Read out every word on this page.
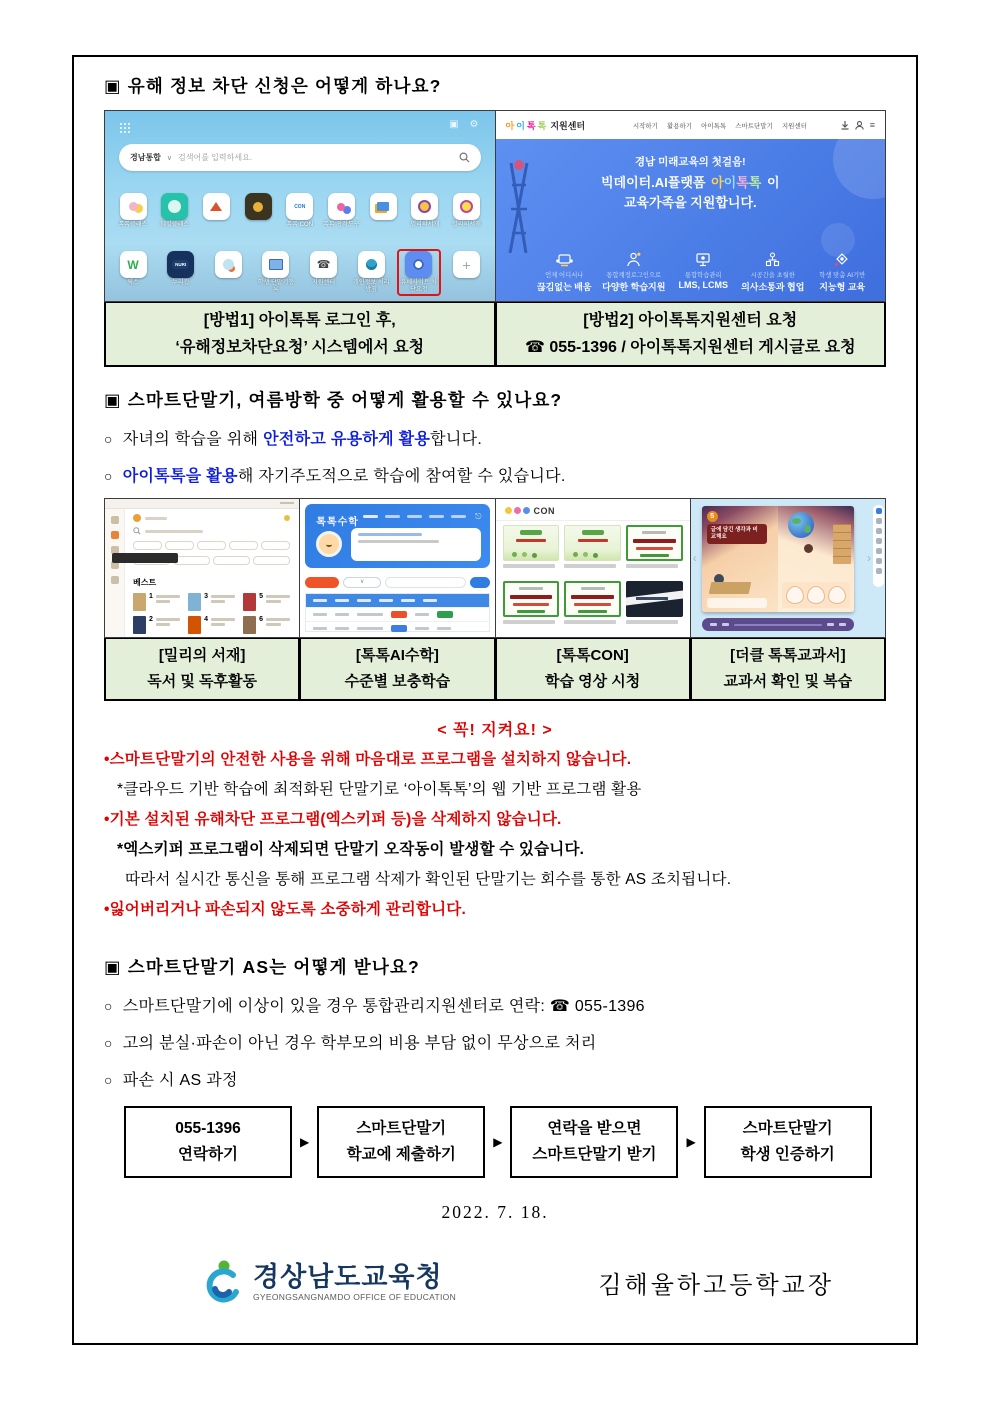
▣ 유해 정보 차단 신청은 어떻게 하나요?
▣ ⚙
경남통합 ∨ 검색어를 입력하세요.
톡톡클래스	웨일클래스
CON
톡톡 CON	톡톡 창작도구	밀리의서재	밀리의서재
W
웍스
NURI
누리집	학생 단말기등록
☎
지원센터	개인정보 처리방침
유해사이트 차단요청
+
[방법1] 아이톡톡 로그인 후,
‘유해정보차단요청’ 시스템에서 요청
아 이 톡 톡 지원센터	시작하기 활용하기 아이톡톡 스마트단말기 지원센터	≡
경남 미래교육의 첫걸음!
빅데이터.AI플랫폼 아이톡톡 이
교육가족을 지원합니다.
언제 어디서나
끊김없는 배움
통합계정로그인으로
다양한 학습지원
통합학습관리
LMS, LCMS
시공간을 초월한
의사소통과 협업
학생 맞춤 AI기반
지능형 교육
[방법2] 아이톡톡지원센터 요청
☎ 055-1396 / 아이톡톡지원센터 게시글로 요청
▣ 스마트단말기, 여름방학 중 어떻게 활용할 수 있나요?
○ 자녀의 학습을 위해 안전하고 유용하게 활용합니다.
○ 아이톡톡을 활용해 자기주도적으로 학습에 참여할 수 있습니다.
베스트
1	3	5
2	4	6
[밀리의 서재]
독서 및 독후활동
톡톡수학
⎋
∨
[톡톡AI수학]
수준별 보충학습
CON
[톡톡CON]
학습 영상 시청
‹	›
5
글에 담긴 생각과 비교해요
[더클 톡톡교과서]
교과서 확인 및 복습
< 꼭! 지켜요! >
•스마트단말기의 안전한 사용을 위해 마음대로 프로그램을 설치하지 않습니다.
*클라우드 기반 학습에 최적화된 단말기로 ‘아이톡톡’의 웹 기반 프로그램 활용
•기본 설치된 유해차단 프로그램(엑스키퍼 등)을 삭제하지 않습니다.
*엑스키퍼 프로그램이 삭제되면 단말기 오작동이 발생할 수 있습니다.
따라서 실시간 통신을 통해 프로그램 삭제가 확인된 단말기는 회수를 통한 AS 조치됩니다.
•잃어버리거나 파손되지 않도록 소중하게 관리합니다.
▣ 스마트단말기 AS는 어떻게 받나요?
○ 스마트단말기에 이상이 있을 경우 통합관리지원센터로 연락: ☎ 055-1396
○ 고의 분실·파손이 아닌 경우 학부모의 비용 부담 없이 무상으로 처리
○ 파손 시 AS 과정
055-1396
연락하기
▶
스마트단말기
학교에 제출하기
▶
연락을 받으면
스마트단말기 받기
▶
스마트단말기
학생 인증하기
2022. 7. 18.
경상남도교육청
GYEONGSANGNAMDO OFFICE OF EDUCATION	김해율하고등학교장
